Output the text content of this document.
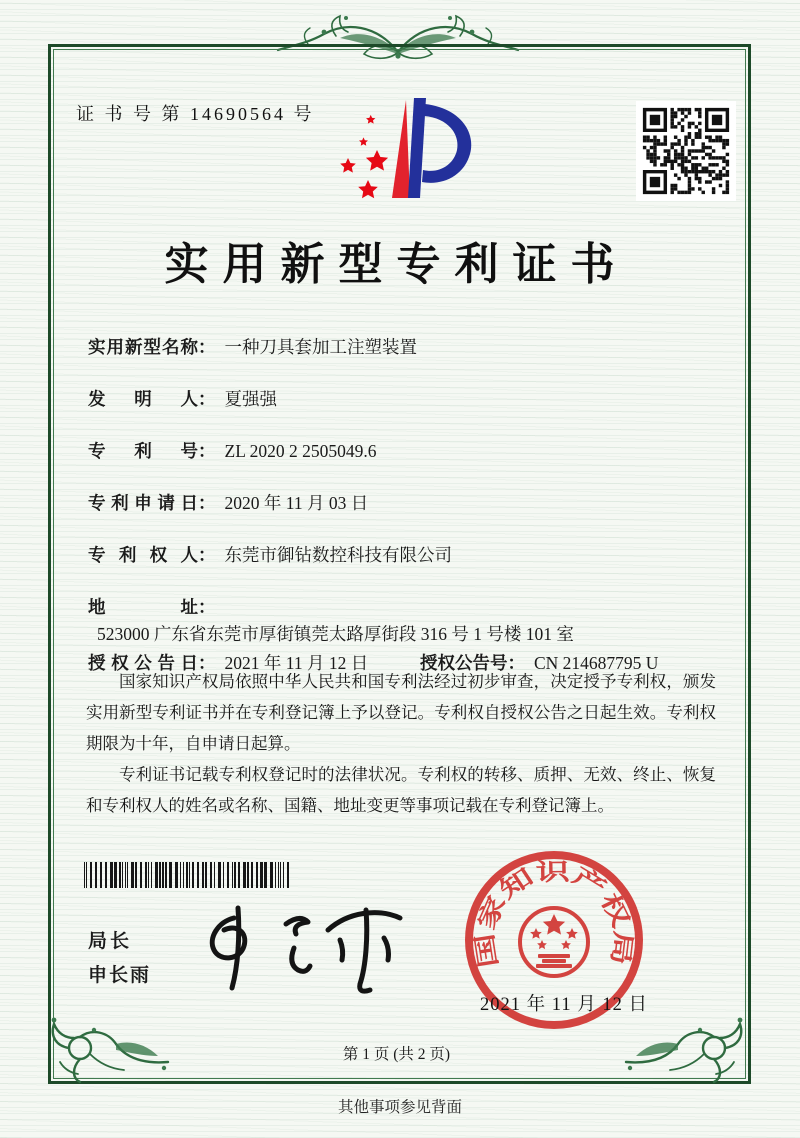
证 书 号 第 14690564 号
实用新型专利证书
实用新型名称： 一种刀具套加工注塑装置
发明人： 夏强强
专利号： ZL 2020 2 2505049.6
专利申请日： 2020 年 11 月 03 日
专利权人： 东莞市御钻数控科技有限公司
地址：523000 广东省东莞市厚街镇莞太路厚街段 316 号 1 号楼 101 室
授权公告日： 2021 年 11 月 12 日	授权公告号： CN 214687795 U

国家知识产权局依照中华人民共和国专利法经过初步审查，决定授予专利权，颁发实用新型专利证书并在专利登记簿上予以登记。专利权自授权公告之日起生效。专利权期限为十年，自申请日起算。

专利证书记载专利权登记时的法律状况。专利权的转移、质押、无效、终止、恢复和专利权人的姓名或名称、国籍、地址变更等事项记载在专利登记簿上。

局长
申长雨
国家知识产权局
2021 年 11 月 12 日
第 1 页 (共 2 页)
其他事项参见背面
